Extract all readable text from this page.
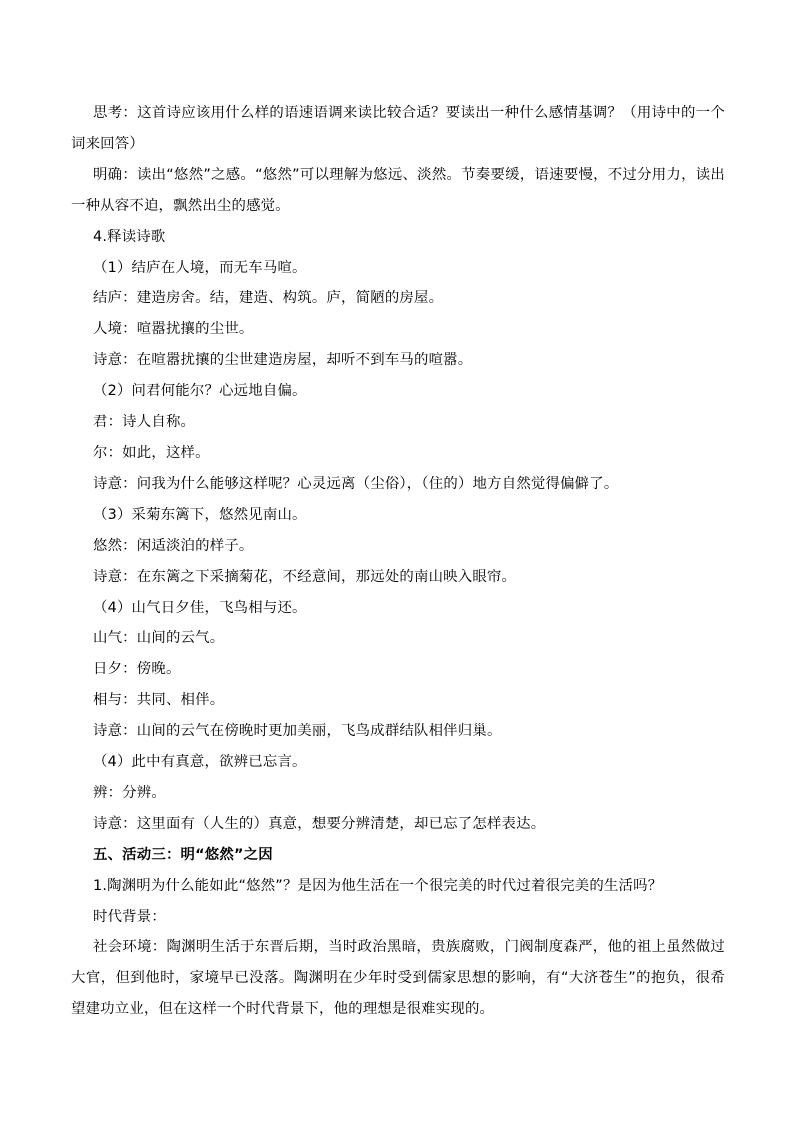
思考：这首诗应该用什么样的语速语调来读比较合适？要读出一种什么感情基调？（用诗中的一个词来回答）

明确：读出“悠然”之感。“悠然”可以理解为悠远、淡然。节奏要缓，语速要慢，不过分用力，读出一种从容不迫，飘然出尘的感觉。

4.释读诗歌

（1）结庐在人境，而无车马喧。

结庐：建造房舍。结，建造、构筑。庐，简陋的房屋。

人境：喧嚣扰攘的尘世。

诗意：在喧嚣扰攘的尘世建造房屋，却听不到车马的喧嚣。

（2）问君何能尔？心远地自偏。

君：诗人自称。

尔：如此，这样。

诗意：问我为什么能够这样呢？心灵远离（尘俗），（住的）地方自然觉得偏僻了。

（3）采菊东篱下，悠然见南山。

悠然：闲适淡泊的样子。

诗意：在东篱之下采摘菊花，不经意间，那远处的南山映入眼帘。

（4）山气日夕佳，飞鸟相与还。

山气：山间的云气。

日夕：傍晚。

相与：共同、相伴。

诗意：山间的云气在傍晚时更加美丽，飞鸟成群结队相伴归巢。

（4）此中有真意，欲辨已忘言。

辨：分辨。

诗意：这里面有（人生的）真意，想要分辨清楚，却已忘了怎样表达。

五、活动三：明“悠然”之因

1.陶渊明为什么能如此“悠然”？是因为他生活在一个很完美的时代过着很完美的生活吗？

时代背景：

社会环境：陶渊明生活于东晋后期，当时政治黑暗，贵族腐败，门阀制度森严，他的祖上虽然做过大官，但到他时，家境早已没落。陶渊明在少年时受到儒家思想的影响，有“大济苍生”的抱负，很希望建功立业，但在这样一个时代背景下，他的理想是很难实现的。
